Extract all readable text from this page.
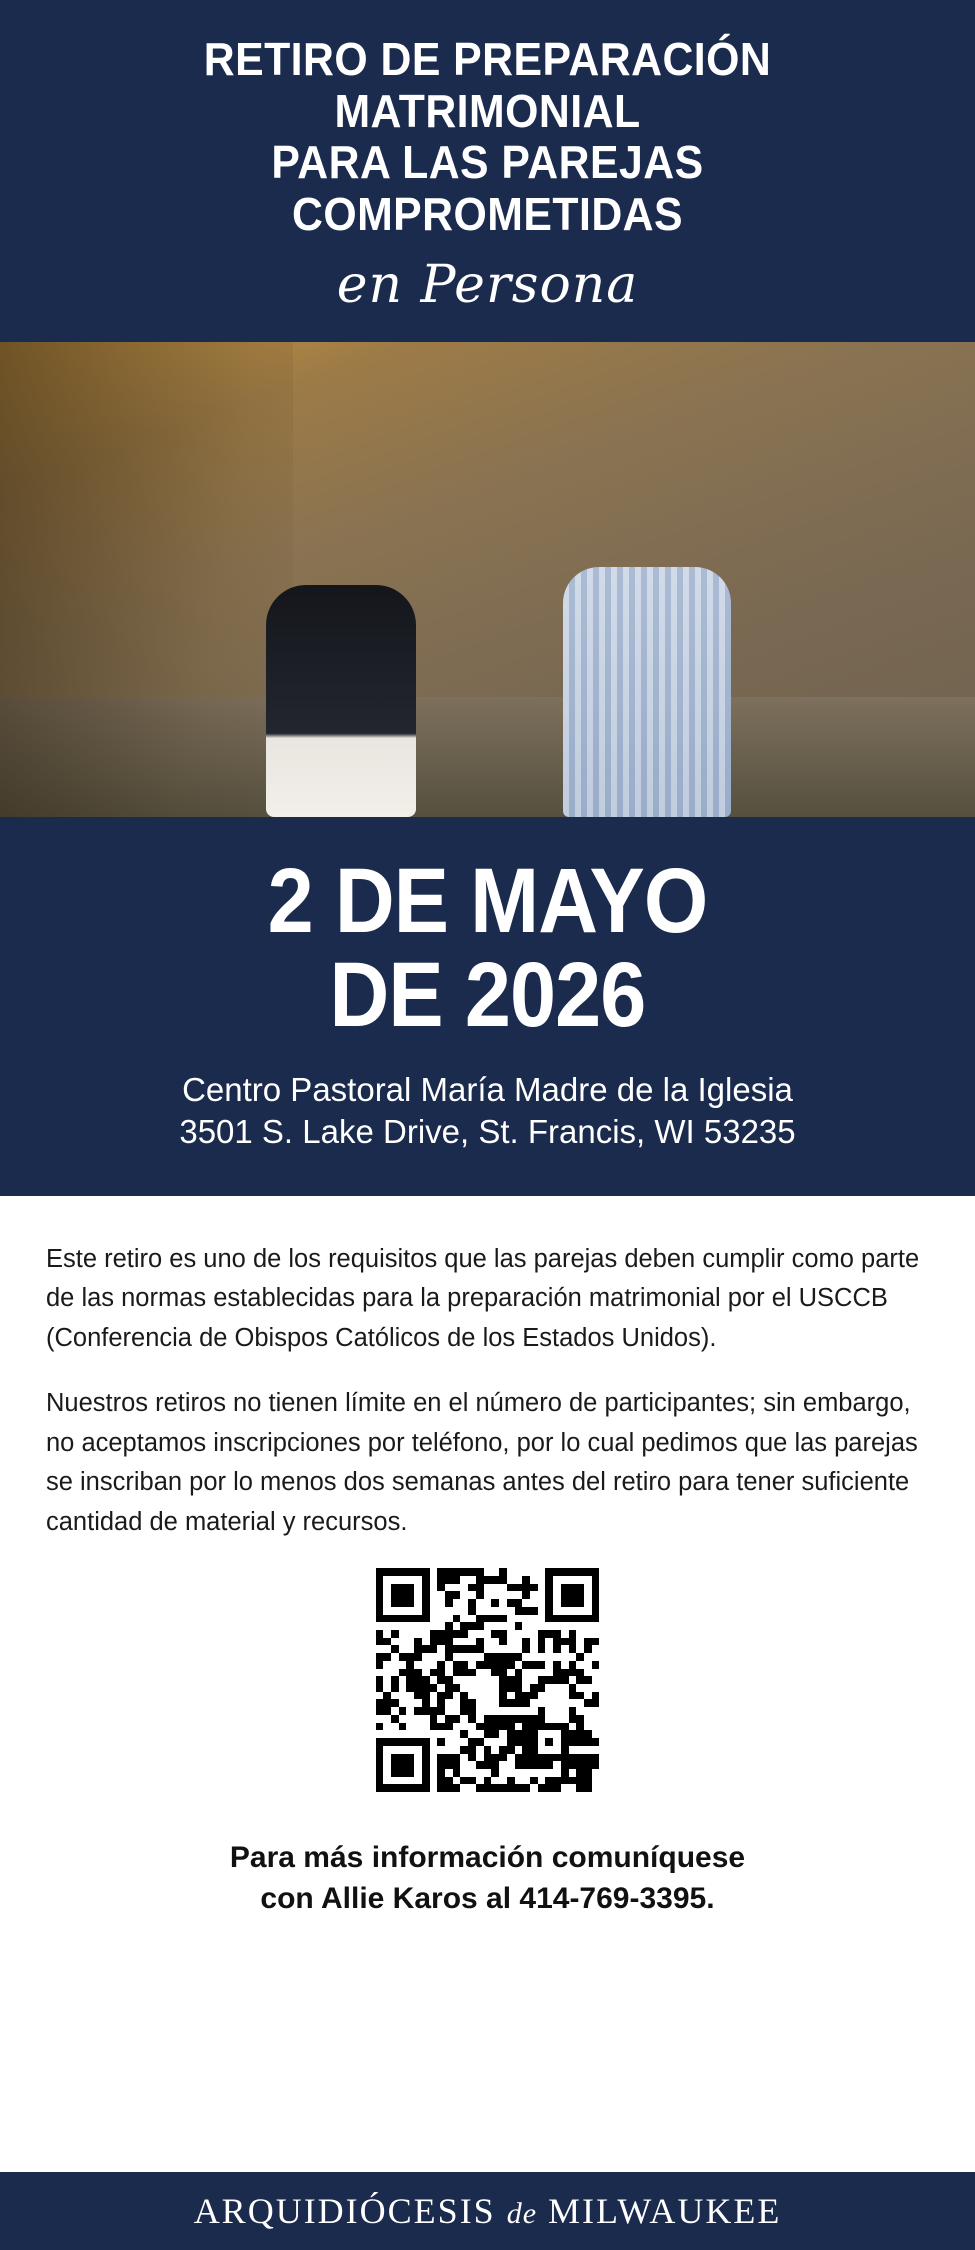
RETIRO DE PREPARACIÓN MATRIMONIAL
PARA LAS PAREJAS COMPROMETIDAS
en Persona
2 DE MAYO
DE 2026
Centro Pastoral María Madre de la Iglesia
3501 S. Lake Drive, St. Francis, WI 53235

Este retiro es uno de los requisitos que las parejas deben cumplir como parte de las normas establecidas para la preparación matrimonial por el USCCB (Conferencia de Obispos Católicos de los Estados Unidos).

Nuestros retiros no tienen límite en el número de participantes; sin embargo, no aceptamos inscripciones por teléfono, por lo cual pedimos que las parejas se inscriban por lo menos dos semanas antes del retiro para tener suficiente cantidad de material y recursos.

Para más información comuníquese
con Allie Karos al 414-769-3395.
ARQUIDIÓCESIS de MILWAUKEE
